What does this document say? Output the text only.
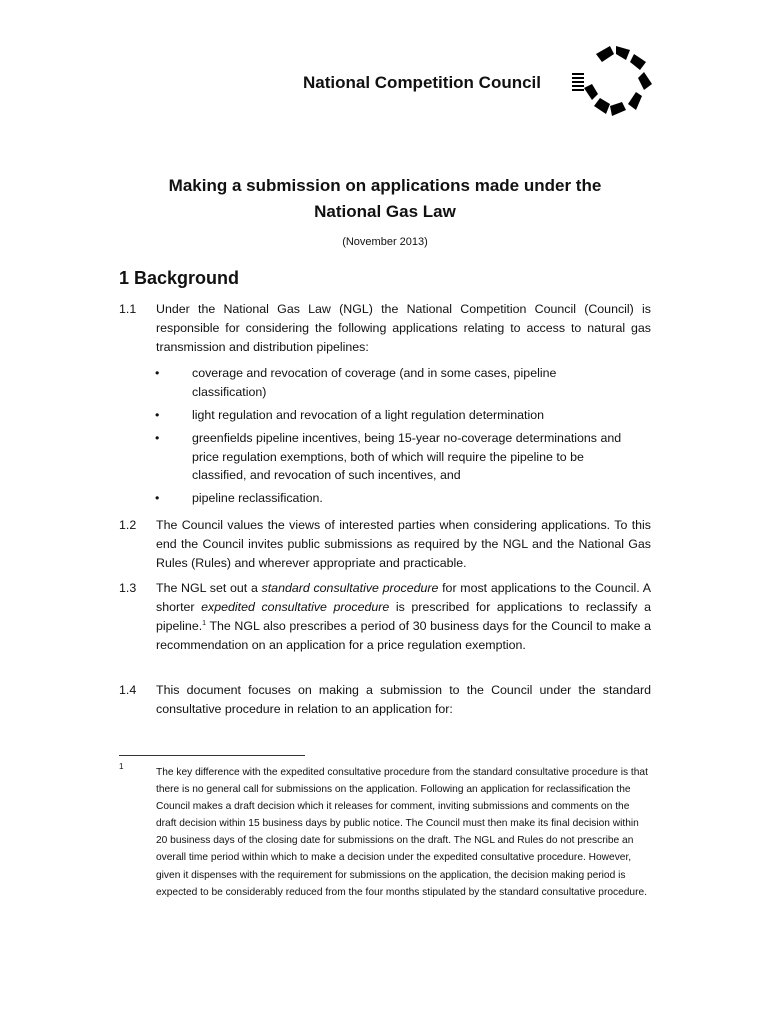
National Competition Council
Making a submission on applications made under the
National Gas Law
(November 2013)
1 Background
1.1	Under the National Gas Law (NGL) the National Competition Council (Council) is responsible for considering the following applications relating to access to natural gas transmission and distribution pipelines:
•	coverage and revocation of coverage (and in some cases, pipeline classification)
•	light regulation and revocation of a light regulation determination
•	greenfields pipeline incentives, being 15-year no-coverage determinations and price regulation exemptions, both of which will require the pipeline to be classified, and revocation of such incentives, and
•	pipeline reclassification.
1.2	The Council values the views of interested parties when considering applications. To this end the Council invites public submissions as required by the NGL and the National Gas Rules (Rules) and wherever appropriate and practicable.
1.3	The NGL set out a standard consultative procedure for most applications to the Council. A shorter expedited consultative procedure is prescribed for applications to reclassify a pipeline.$^1$ The NGL also prescribes a period of 30 business days for the Council to make a recommendation on an application for a price regulation exemption.
1.4	This document focuses on making a submission to the Council under the standard consultative procedure in relation to an application for:
1
The key difference with the expedited consultative procedure from the standard consultative procedure is that there is no general call for submissions on the application. Following an application for reclassification the Council makes a draft decision which it releases for comment, inviting submissions and comments on the draft decision within 15 business days by public notice. The Council must then make its final decision within 20 business days of the closing date for submissions on the draft. The NGL and Rules do not prescribe an overall time period within which to make a decision under the expedited consultative procedure. However, given it dispenses with the requirement for submissions on the application, the decision making period is expected to be considerably reduced from the four months stipulated by the standard consultative procedure.
